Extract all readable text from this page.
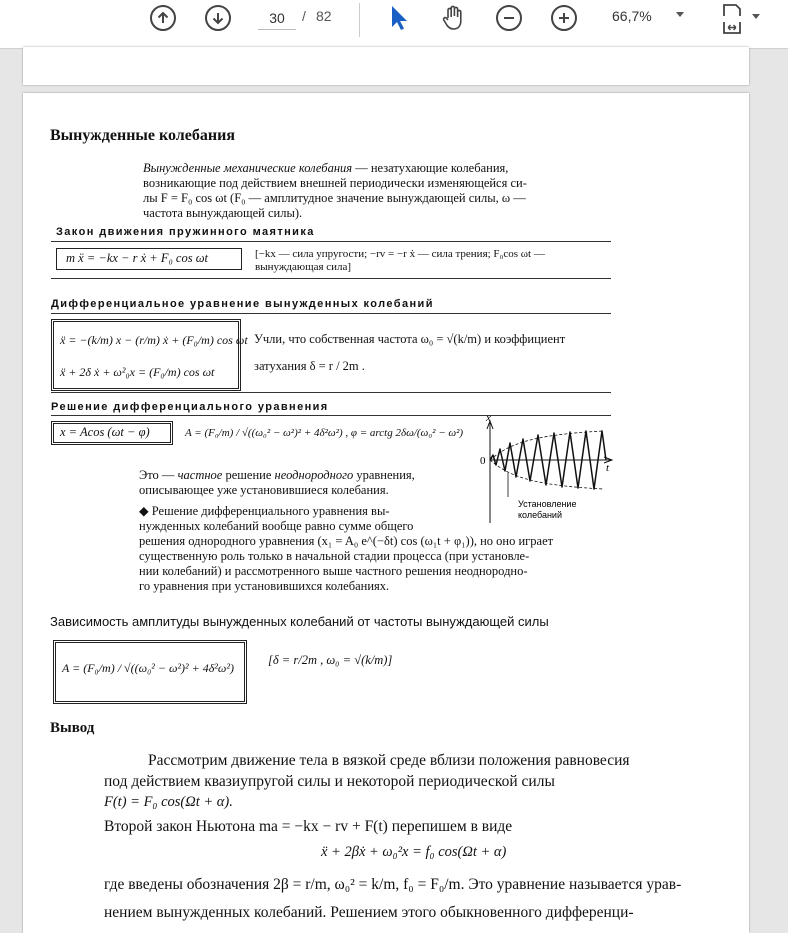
30	/ 82	66,7%
Вынужденные колебания
Вынужденные механические колебания — незатухающие колебания,
возникающие под действием внешней периодически изменяющейся си-
лы F = F₀ cos ωt (F₀ — амплитудное значение вынуждающей силы, ω —
частота вынуждающей силы).
Закон движения пружинного маятника
m ẍ = −kx − r ẋ + F₀ cos ωt	[−kx — сила упругости; −rv = −r ẋ — сила трения; F₀cos ωt —
вынуждающая сила]
Дифференциальное уравнение вынужденных колебаний
ẍ = −(k/m) x − (r/m) ẋ + (F₀/m) cos ωt
ẍ + 2δ ẋ + ω²₀x = (F₀/m) cos ωt
Учли, что собственная частота ω₀ = √(k/m) и коэффициент
затухания δ = r / 2m .
Решение дифференциального уравнения
x = Acos (ωt − φ)	A = (F₀/m) / √((ω₀² − ω²)² + 4δ²ω²) , φ = arctg 2δω/(ω₀² − ω²)
Это — частное решение неоднородного уравнения,
описывающее уже установившиеся колебания.
◆ Решение дифференциального уравнения вы-
нужденных колебаний вообще равно сумме общего
решения однородного уравнения (x₁ = A₀ e^(−δt) cos (ω₁t + φ₁)), но оно играет
существенную роль только в начальной стадии процесса (при установле-
нии колебаний) и рассмотренного выше частного решения неоднородно-
го уравнения при установившихся колебаниях.
x
t
0
Установление
колебаний
Зависимость амплитуды вынужденных колебаний от частоты вынуждающей силы
A = (F₀/m) / √((ω₀² − ω²)² + 4δ²ω²)
[δ = r/2m , ω₀ = √(k/m)]
Вывод
Рассмотрим движение тела в вязкой среде вблизи положения равновесия
под действием квазиупругой силы и некоторой периодической силы
F(t) = F₀ cos(Ωt + α).
Второй закон Ньютона ma = −kx − rv + F(t) перепишем в виде
ẍ + 2βẋ + ω₀²x = f₀ cos(Ωt + α)
где введены обозначения 2β = r/m, ω₀² = k/m, f₀ = F₀/m. Это уравнение называется урав-
нением вынужденных колебаний. Решением этого обыкновенного дифференци-
